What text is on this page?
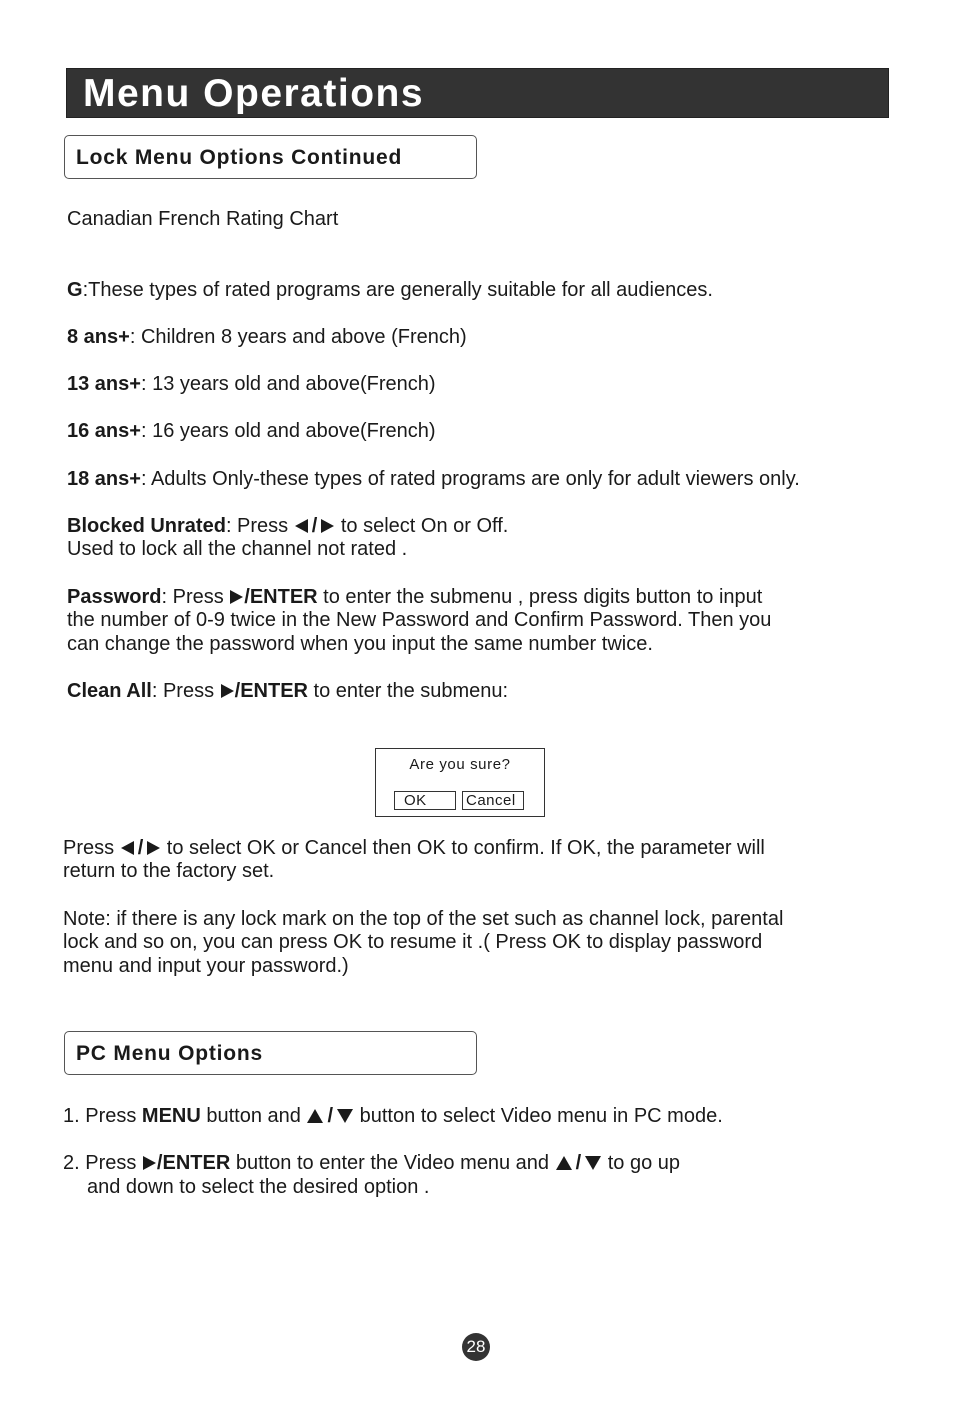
Menu Operations
Lock Menu Options Continued
Canadian French Rating Chart
G:These types of rated programs are generally suitable for all audiences.
8 ans+: Children 8 years and above (French)
13 ans+: 13 years old and above(French)
16 ans+: 16 years old and above(French)
18 ans+: Adults Only-these types of rated programs are only for adult viewers only.
Blocked Unrated: Press / to select On or Off.
Used to lock all the channel not rated .
Password: Press /ENTER to enter the submenu , press digits button to input
the number of 0-9 twice in the New Password and Confirm Password. Then you
can change the password when you input the same number twice.
Clean All: Press /ENTER to enter the submenu:
Are you sure?
OK	Cancel
Press / to select OK or Cancel then OK to confirm. If OK, the parameter will
return to the factory set.
Note: if there is any lock mark on the top of the set such as channel lock, parental
lock and so on, you can press OK to resume it .( Press OK to display password
menu and input your password.)
PC Menu Options
1. Press MENU button and / button to select Video menu in PC mode.
2. Press /ENTER button to enter the Video menu and / to go up
and down to select the desired option .
28
